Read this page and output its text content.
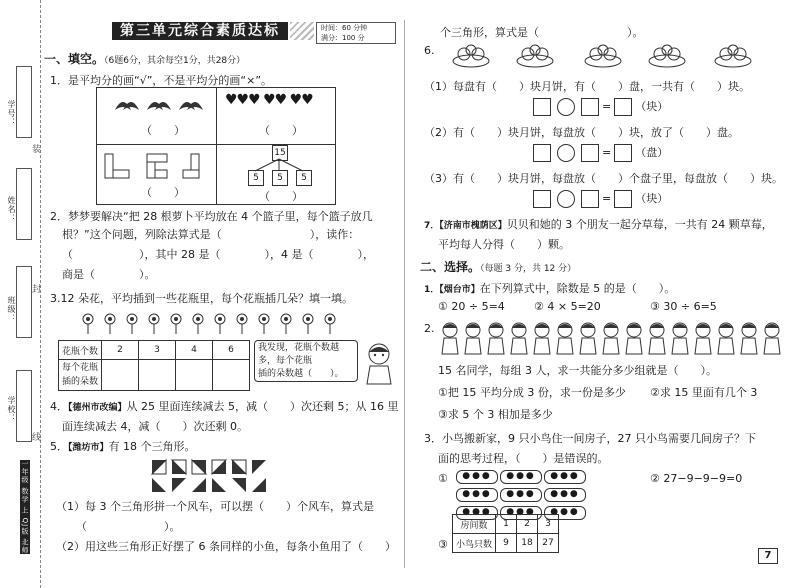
学号：
姓名：
班级：
学校：
装
封
线
一年级 数学 上 QJ版 北师
第三单元综合素质达标	时间：60 分钟
满分：100 分
一、填空。（6题6分，其余每空1分，共28分）
1．是平均分的画“√”，不是平均分的画“×”。
（　　）
♥♥♥ ♥♥ ♥♥
（　　）
（　　）
15
5	5	5
（　　）
2．梦梦要解决“把 28 根萝卜平均放在 4 个篮子里，每个篮子放几
根？”这个问题，列除法算式是（　　　　　　　　），读作：
（　　　　　　），其中 28 是（　　　　），4 是（　　　　），
商是（　　　　）。
3.12 朵花，平均插到一些花瓶里，每个花瓶插几朵？填一填。
花瓶个数	2	3	4	6
每个花瓶
插的朵数				
我发现，花瓶个数越
多，每个花瓶
插的朵数越（　　）。
4．【德州市改编】从 25 里面连续减去 5，减（　　）次还剩 5；从 16 里
面连续减去 4，减（　　）次还剩 0。
5．【潍坊市】有 18 个三角形。
（1）每 3 个三角形拼一个风车，可以摆（　　）个风车，算式是
（　　　　　　　）。
（2）用这些三角形正好摆了 6 条同样的小鱼，每条小鱼用了（　　）
个三角形，算式是（　　　　　　　　）。
6.
（1）每盘有（　　）块月饼，有（　　）盘，一共有（　　）块。
= （块）
（2）有（　　）块月饼，每盘放（　　）块，放了（　　）盘。
= （盘）
（3）有（　　）块月饼，每盘放（　　）个盘子里，每盘放（　　）块。
= （块）
7．【济南市槐荫区】贝贝和她的 3 个朋友一起分草莓，一共有 24 颗草莓，
平均每人分得（　　）颗。
二、选择。（每题 3 分，共 12 分）
1．【烟台市】在下列算式中，除数是 5 的是（　　）。
① 20 ÷ 5=4	② 4 × 5=20	③ 30 ÷ 6=5
2.
15 名同学，每组 3 人，求一共能分多少组就是（　　）。
①把 15 平均分成 3 份，求一份是多少 ②求 15 里面有几个 3
③求 5 个 3 相加是多少
3．小鸟搬新家，9 只小鸟住一间房子，27 只小鸟需要几间房子？下
面的思考过程，（　　）是错误的。
①	●●●	●●●	●●●
●●●	●●●	●●●
●●●	●●●	●●●
② 27−9−9−9=0
③
房间数	1	2	3
小鸟只数	9	18	27
7
